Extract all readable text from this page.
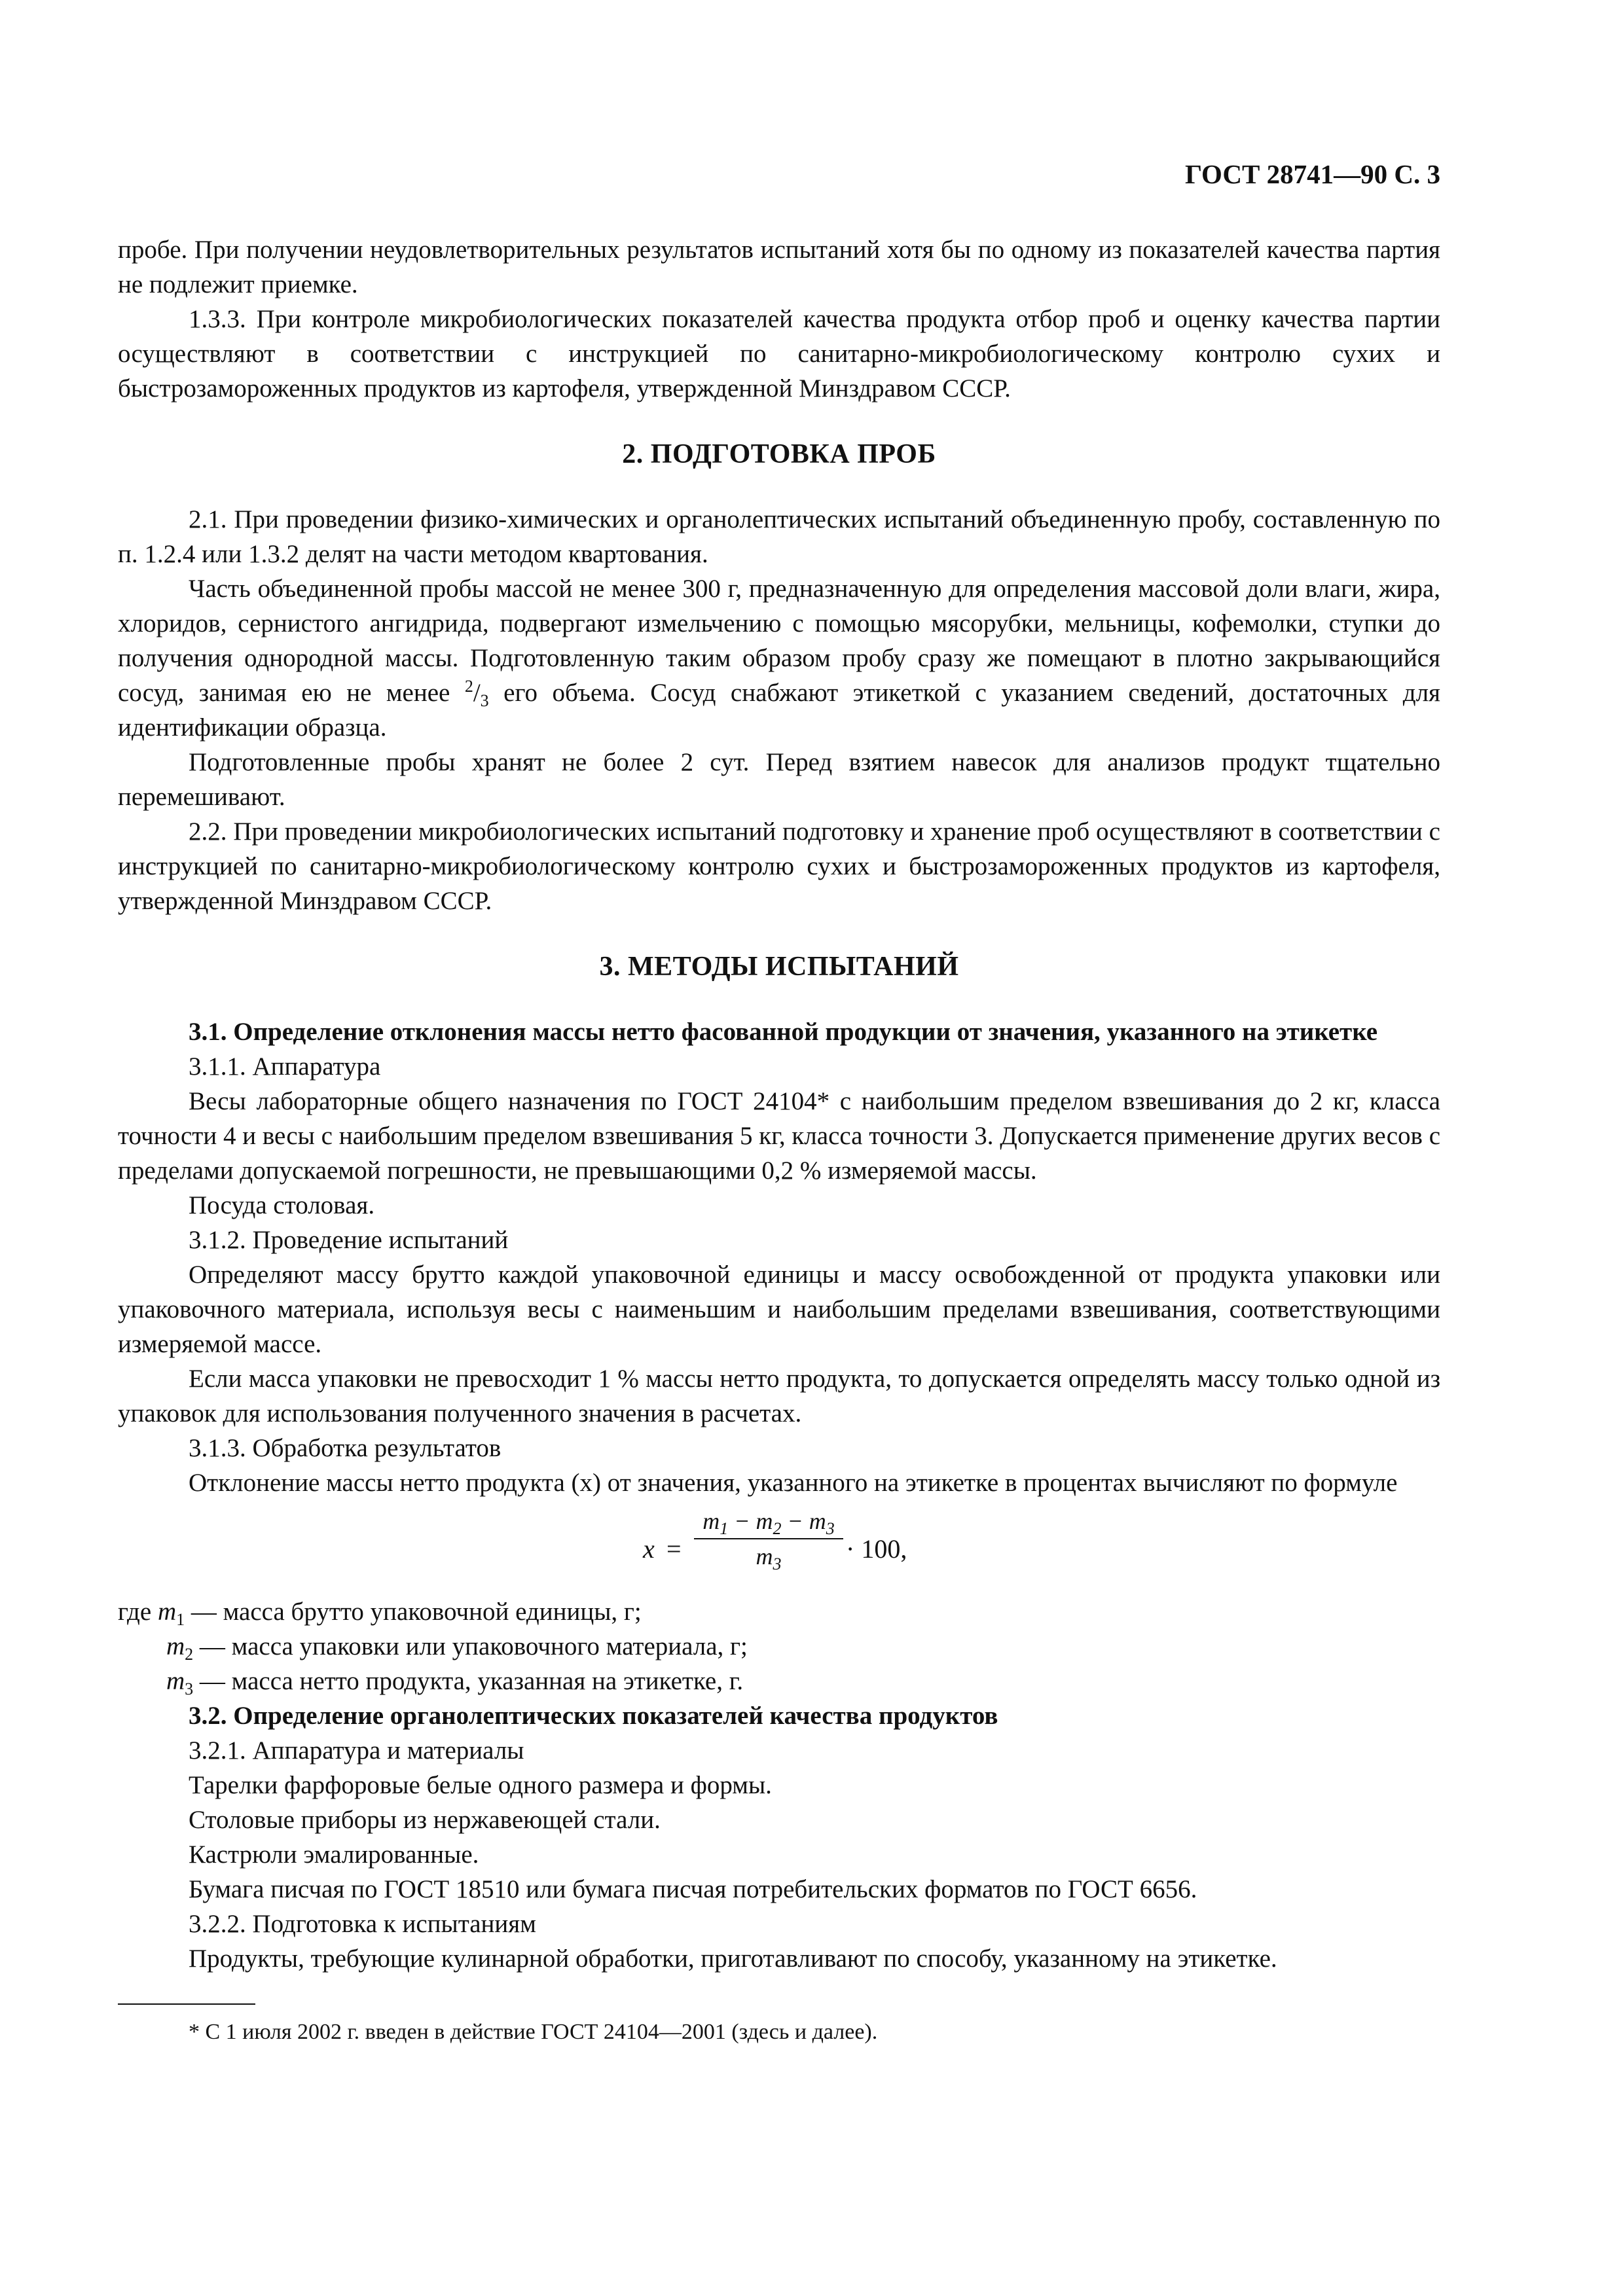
ГОСТ 28741—90 С. 3

пробе. При получении неудовлетворительных результатов испытаний хотя бы по одному из показателей качества партия не подлежит приемке.

1.3.3. При контроле микробиологических показателей качества продукта отбор проб и оценку качества партии осуществляют в соответствии с инструкцией по санитарно-микробиологическому контролю сухих и быстрозамороженных продуктов из картофеля, утвержденной Минздравом СССР.

2. ПОДГОТОВКА ПРОБ

2.1. При проведении физико-химических и органолептических испытаний объединенную пробу, составленную по п. 1.2.4 или 1.3.2 делят на части методом квартования.

Часть объединенной пробы массой не менее 300 г, предназначенную для определения массовой доли влаги, жира, хлоридов, сернистого ангидрида, подвергают измельчению с помощью мясорубки, мельницы, кофемолки, ступки до получения однородной массы. Подготовленную таким образом пробу сразу же помещают в плотно закрывающийся сосуд, занимая ею не менее $^2/_3$ его объема. Сосуд снабжают этикеткой с указанием сведений, достаточных для идентификации образца.

Подготовленные пробы хранят не более 2 сут. Перед взятием навесок для анализов продукт тщательно перемешивают.

2.2. При проведении микробиологических испытаний подготовку и хранение проб осуществляют в соответствии с инструкцией по санитарно-микробиологическому контролю сухих и быстрозамороженных продуктов из картофеля, утвержденной Минздравом СССР.

3. МЕТОДЫ ИСПЫТАНИЙ

3.1. Определение отклонения массы нетто фасованной продукции от значения, указанного на этикетке

3.1.1. Аппаратура

Весы лабораторные общего назначения по ГОСТ 24104* с наибольшим пределом взвешивания до 2 кг, класса точности 4 и весы с наибольшим пределом взвешивания 5 кг, класса точности 3. Допускается применение других весов с пределами допускаемой погрешности, не превышающими 0,2 % измеряемой массы.

Посуда столовая.

3.1.2. Проведение испытаний

Определяют массу брутто каждой упаковочной единицы и массу освобожденной от продукта упаковки или упаковочного материала, используя весы с наименьшим и наибольшим пределами взвешивания, соответствующими измеряемой массе.

Если масса упаковки не превосходит 1 % массы нетто продукта, то допускается определять массу только одной из упаковок для использования полученного значения в расчетах.

3.1.3. Обработка результатов

Отклонение массы нетто продукта (x) от значения, указанного на этикетке в процентах вычисляют по формуле

x =
$m_1 - m_2 - m_3$
$m_3$
· 100,

где $m_1$ — масса брутто упаковочной единицы, г;

$m_2$ — масса упаковки или упаковочного материала, г;

$m_3$ — масса нетто продукта, указанная на этикетке, г.

3.2. Определение органолептических показателей качества продуктов

3.2.1. Аппаратура и материалы

Тарелки фарфоровые белые одного размера и формы.

Столовые приборы из нержавеющей стали.

Кастрюли эмалированные.

Бумага писчая по ГОСТ 18510 или бумага писчая потребительских форматов по ГОСТ 6656.

3.2.2. Подготовка к испытаниям

Продукты, требующие кулинарной обработки, приготавливают по способу, указанному на этикетке.

* С 1 июля 2002 г. введен в действие ГОСТ 24104—2001 (здесь и далее).
